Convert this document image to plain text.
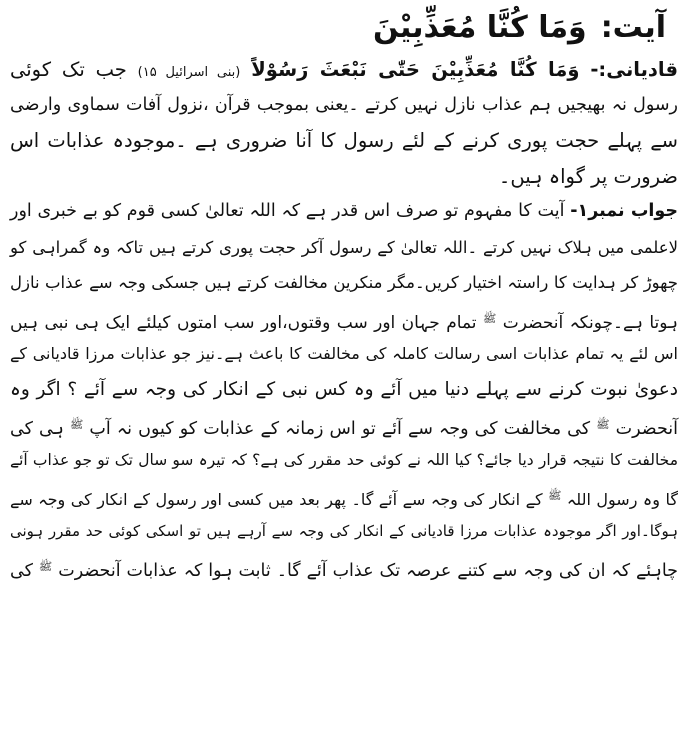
آیت:وَمَا كُنَّا مُعَذِّبِيْنَ
قادیانی:- وَمَا كُنَّا مُعَذِّبِيْنَ حَتّٰى نَبْعَثَ رَسُوْلاً (بنی اسرائیل ۱۵) جب تک کوئی
رسول نہ بھیجیں ہم عذاب نازل نہیں کرتے ۔یعنی بموجب قرآن ،نزول آفات سماوی وارضی
سے پہلے حجت پوری کرنے کے لئے رسول کا آنا ضروری ہے ۔موجودہ عذابات اس
ضرورت پر گواہ ہیں۔
جواب نمبر۱- آیت کا مفہوم تو صرف اس قدر ہے کہ اللہ تعالیٰ کسی قوم کو بے خبری اور
لاعلمی میں ہلاک نہیں کرتے ۔اللہ تعالیٰ کے رسول آکر حجت پوری کرتے ہیں تاکہ وہ گمراہی کو
چھوڑ کر ہدایت کا راستہ اختیار کریں۔مگر منکرین مخالفت کرتے ہیں جسکی وجہ سے عذاب نازل
ہوتا ہے۔چونکہ آنحضرت $^ﷺ$ تمام جہان اور سب وقتوں،اور سب امتوں کیلئے ایک ہی نبی ہیں
اس لئے یہ تمام عذابات اسی رسالت کاملہ کی مخالفت کا باعث ہے۔نیز جو عذابات مرزا قادیانی کے
دعویٰ نبوت کرنے سے پہلے دنیا میں آئے وہ کس نبی کے انکار کی وجہ سے آئے ؟ اگر وہ
آنحضرت $^ﷺ$ کی مخالفت کی وجہ سے آئے تو اس زمانہ کے عذابات کو کیوں نہ آپ $^ﷺ$ ہی کی
مخالفت کا نتیجہ قرار دیا جائے؟ کیا اللہ نے کوئی حد مقرر کی ہے؟ کہ تیرہ سو سال تک تو جو عذاب آئے
گا وہ رسول اللہ $^ﷺ$ کے انکار کی وجہ سے آئے گا۔ پھر بعد میں کسی اور رسول کے انکار کی وجہ سے
ہوگا۔اور اگر موجودہ عذابات مرزا قادیانی کے انکار کی وجہ سے آرہے ہیں تو اسکی کوئی حد مقرر ہونی
چاہئے کہ ان کی وجہ سے کتنے عرصہ تک عذاب آئے گا۔ ثابت ہوا کہ عذابات آنحضرت $^ﷺ$ کی
